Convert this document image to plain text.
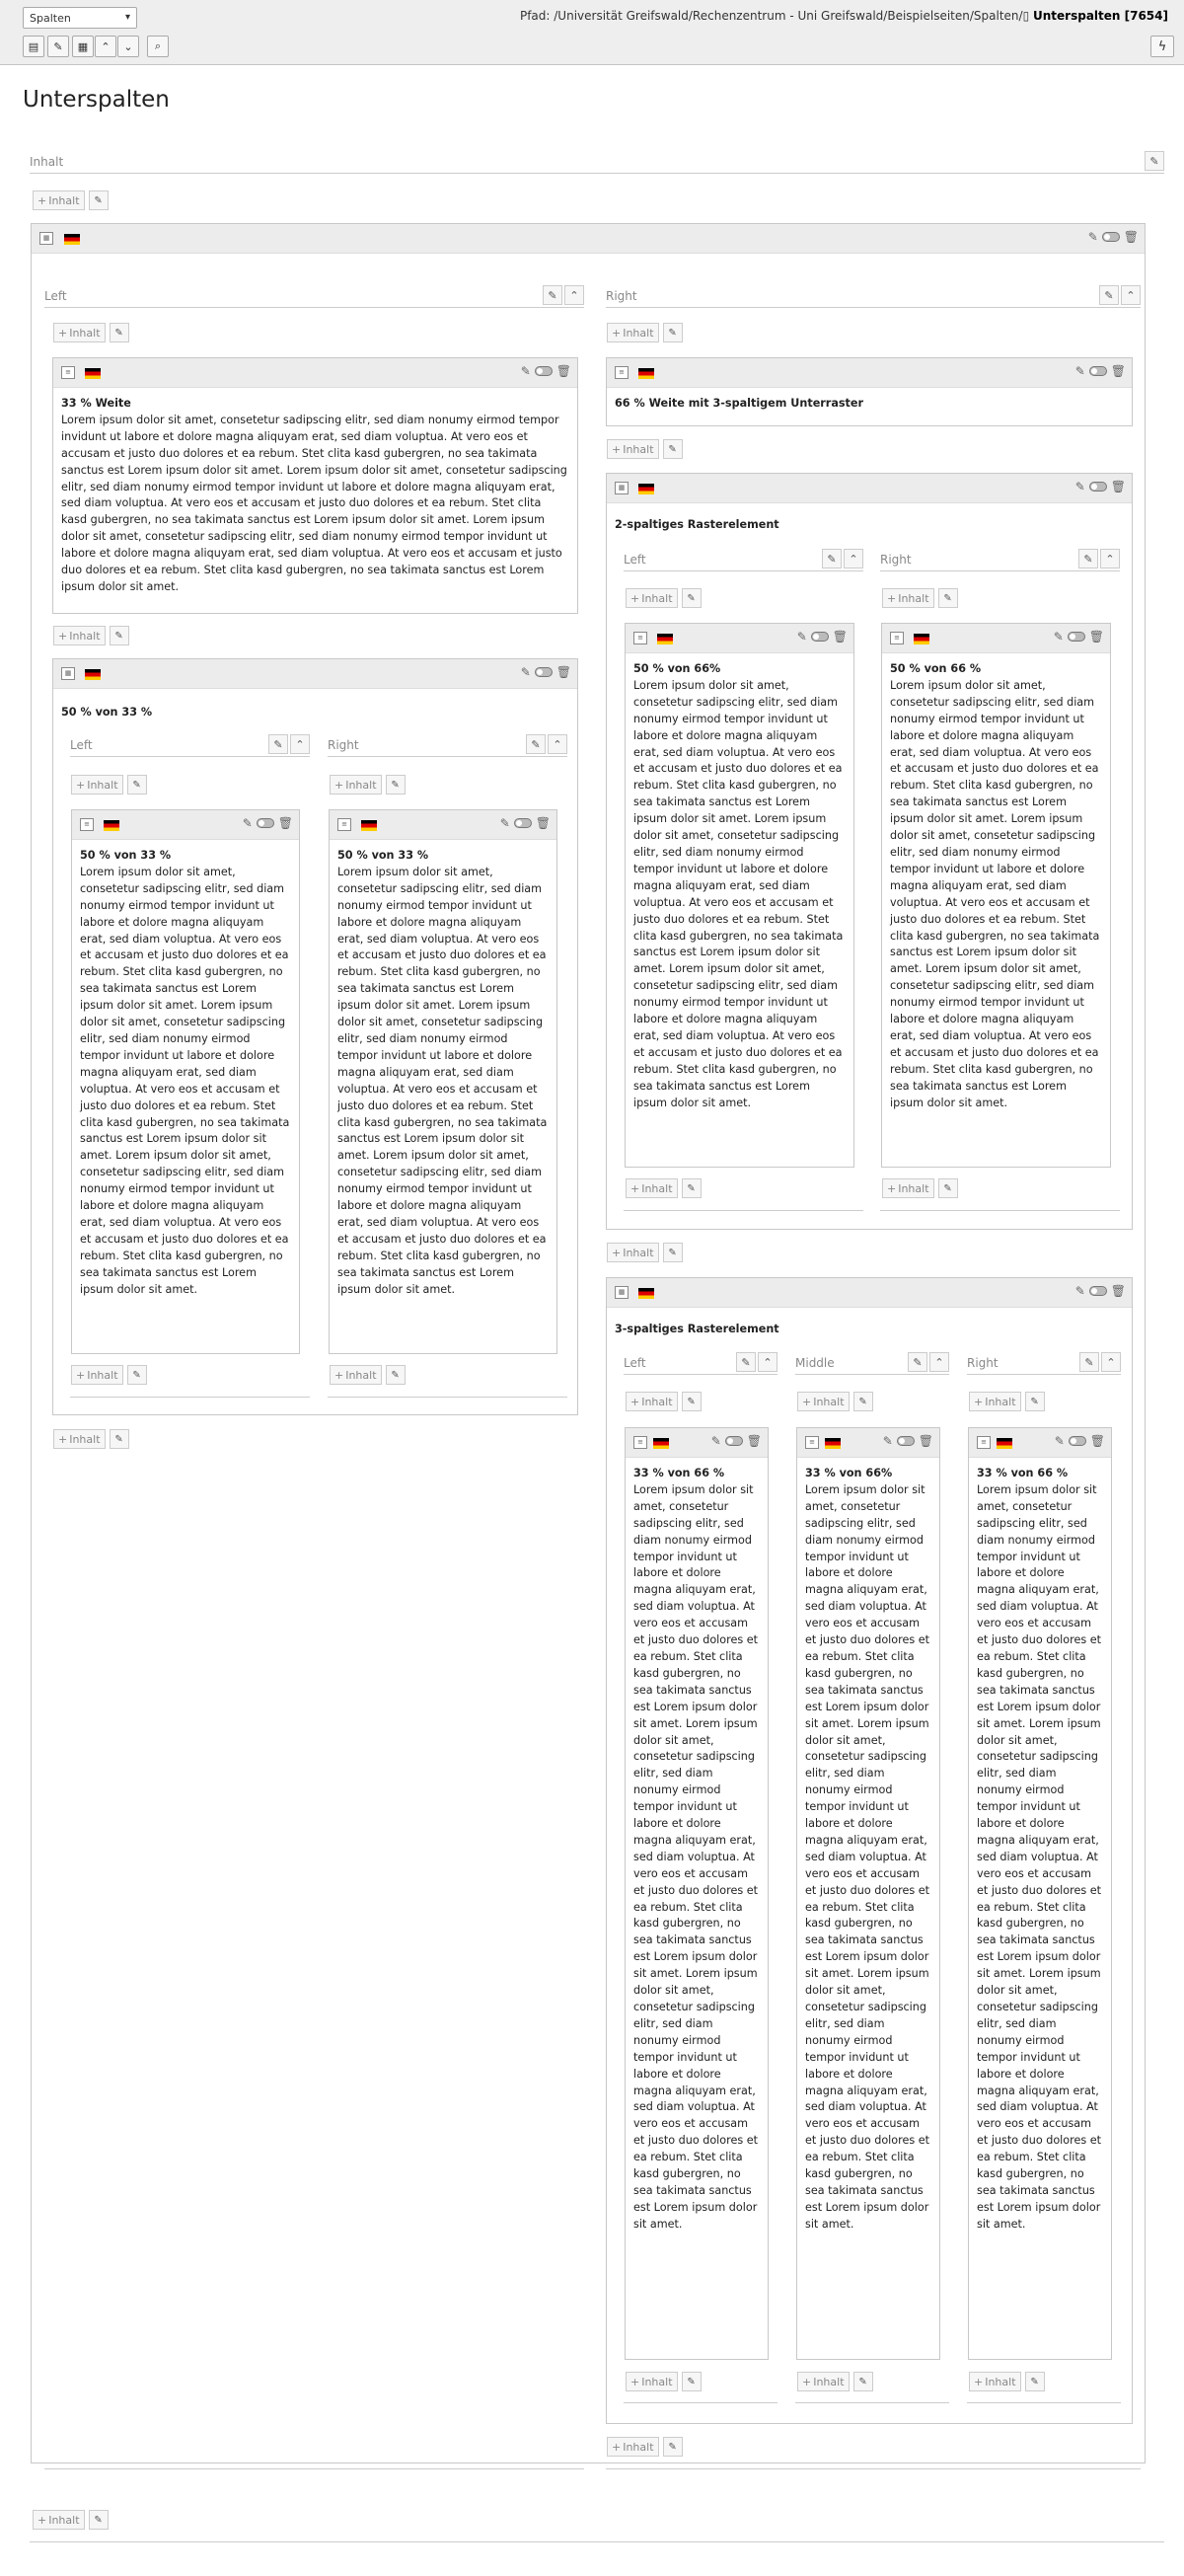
Spalten	▾
▤	✎	▦	⌃	⌄	⌕
Pfad: /Universität Greifswald/Rechenzentrum - Uni Greifswald/Beispielseiten/Spalten/▯ Unterspalten [7654]
ϟ
Unterspalten
Inhalt	✎
+ Inhalt	✎
▦	✎ 🗑
Left	✎	⌃
+ Inhalt	✎
≡	✎ 🗑
33 % Weite
Lorem ipsum dolor sit amet, consetetur sadipscing elitr, sed diam nonumy eirmod tempor invidunt ut labore et dolore magna aliquyam erat, sed diam voluptua. At vero eos et accusam et justo duo dolores et ea rebum. Stet clita kasd gubergren, no sea takimata sanctus est Lorem ipsum dolor sit amet. Lorem ipsum dolor sit amet, consetetur sadipscing elitr, sed diam nonumy eirmod tempor invidunt ut labore et dolore magna aliquyam erat, sed diam voluptua. At vero eos et accusam et justo duo dolores et ea rebum. Stet clita kasd gubergren, no sea takimata sanctus est Lorem ipsum dolor sit amet. Lorem ipsum dolor sit amet, consetetur sadipscing elitr, sed diam nonumy eirmod tempor invidunt ut labore et dolore magna aliquyam erat, sed diam voluptua. At vero eos et accusam et justo duo dolores et ea rebum. Stet clita kasd gubergren, no sea takimata sanctus est Lorem ipsum dolor sit amet.
+ Inhalt	✎
▦	✎ 🗑
50 % von 33 %
Left	✎	⌃	Right	✎	⌃
+ Inhalt	✎	+ Inhalt	✎
≡	✎ 🗑
50 % von 33 %
Lorem ipsum dolor sit amet, consetetur sadipscing elitr, sed diam nonumy eirmod tempor invidunt ut labore et dolore magna aliquyam erat, sed diam voluptua. At vero eos et accusam et justo duo dolores et ea rebum. Stet clita kasd gubergren, no sea takimata sanctus est Lorem ipsum dolor sit amet. Lorem ipsum dolor sit amet, consetetur sadipscing elitr, sed diam nonumy eirmod tempor invidunt ut labore et dolore magna aliquyam erat, sed diam voluptua. At vero eos et accusam et justo duo dolores et ea rebum. Stet clita kasd gubergren, no sea takimata sanctus est Lorem ipsum dolor sit amet. Lorem ipsum dolor sit amet, consetetur sadipscing elitr, sed diam nonumy eirmod tempor invidunt ut labore et dolore magna aliquyam erat, sed diam voluptua. At vero eos et accusam et justo duo dolores et ea rebum. Stet clita kasd gubergren, no sea takimata sanctus est Lorem ipsum dolor sit amet.
≡	✎ 🗑
50 % von 33 %
Lorem ipsum dolor sit amet, consetetur sadipscing elitr, sed diam nonumy eirmod tempor invidunt ut labore et dolore magna aliquyam erat, sed diam voluptua. At vero eos et accusam et justo duo dolores et ea rebum. Stet clita kasd gubergren, no sea takimata sanctus est Lorem ipsum dolor sit amet. Lorem ipsum dolor sit amet, consetetur sadipscing elitr, sed diam nonumy eirmod tempor invidunt ut labore et dolore magna aliquyam erat, sed diam voluptua. At vero eos et accusam et justo duo dolores et ea rebum. Stet clita kasd gubergren, no sea takimata sanctus est Lorem ipsum dolor sit amet. Lorem ipsum dolor sit amet, consetetur sadipscing elitr, sed diam nonumy eirmod tempor invidunt ut labore et dolore magna aliquyam erat, sed diam voluptua. At vero eos et accusam et justo duo dolores et ea rebum. Stet clita kasd gubergren, no sea takimata sanctus est Lorem ipsum dolor sit amet.
+ Inhalt	✎	+ Inhalt	✎
+ Inhalt	✎
Right	✎	⌃
+ Inhalt	✎
≡	✎ 🗑
66 % Weite mit 3-spaltigem Unterraster
+ Inhalt	✎
▦	✎ 🗑
2-spaltiges Rasterelement
Left	✎	⌃	Right	✎	⌃
+ Inhalt	✎	+ Inhalt	✎
≡	✎ 🗑
50 % von 66%
Lorem ipsum dolor sit amet, consetetur sadipscing elitr, sed diam nonumy eirmod tempor invidunt ut labore et dolore magna aliquyam erat, sed diam voluptua. At vero eos et accusam et justo duo dolores et ea rebum. Stet clita kasd gubergren, no sea takimata sanctus est Lorem ipsum dolor sit amet. Lorem ipsum dolor sit amet, consetetur sadipscing elitr, sed diam nonumy eirmod tempor invidunt ut labore et dolore magna aliquyam erat, sed diam voluptua. At vero eos et accusam et justo duo dolores et ea rebum. Stet clita kasd gubergren, no sea takimata sanctus est Lorem ipsum dolor sit amet. Lorem ipsum dolor sit amet, consetetur sadipscing elitr, sed diam nonumy eirmod tempor invidunt ut labore et dolore magna aliquyam erat, sed diam voluptua. At vero eos et accusam et justo duo dolores et ea rebum. Stet clita kasd gubergren, no sea takimata sanctus est Lorem ipsum dolor sit amet.
≡	✎ 🗑
50 % von 66 %
Lorem ipsum dolor sit amet, consetetur sadipscing elitr, sed diam nonumy eirmod tempor invidunt ut labore et dolore magna aliquyam erat, sed diam voluptua. At vero eos et accusam et justo duo dolores et ea rebum. Stet clita kasd gubergren, no sea takimata sanctus est Lorem ipsum dolor sit amet. Lorem ipsum dolor sit amet, consetetur sadipscing elitr, sed diam nonumy eirmod tempor invidunt ut labore et dolore magna aliquyam erat, sed diam voluptua. At vero eos et accusam et justo duo dolores et ea rebum. Stet clita kasd gubergren, no sea takimata sanctus est Lorem ipsum dolor sit amet. Lorem ipsum dolor sit amet, consetetur sadipscing elitr, sed diam nonumy eirmod tempor invidunt ut labore et dolore magna aliquyam erat, sed diam voluptua. At vero eos et accusam et justo duo dolores et ea rebum. Stet clita kasd gubergren, no sea takimata sanctus est Lorem ipsum dolor sit amet.
+ Inhalt	✎
+ Inhalt	✎
+ Inhalt	✎
▦	✎ 🗑
3-spaltiges Rasterelement
Left	✎	⌃	Middle	✎	⌃	Right	✎	⌃
+ Inhalt	✎	+ Inhalt	✎	+ Inhalt	✎
≡	✎ 🗑
33 % von 66 %
Lorem ipsum dolor sit amet, consetetur sadipscing elitr, sed diam nonumy eirmod tempor invidunt ut labore et dolore magna aliquyam erat, sed diam voluptua. At vero eos et accusam et justo duo dolores et ea rebum. Stet clita kasd gubergren, no sea takimata sanctus est Lorem ipsum dolor sit amet. Lorem ipsum dolor sit amet, consetetur sadipscing elitr, sed diam nonumy eirmod tempor invidunt ut labore et dolore magna aliquyam erat, sed diam voluptua. At vero eos et accusam et justo duo dolores et ea rebum. Stet clita kasd gubergren, no sea takimata sanctus est Lorem ipsum dolor sit amet. Lorem ipsum dolor sit amet, consetetur sadipscing elitr, sed diam nonumy eirmod tempor invidunt ut labore et dolore magna aliquyam erat, sed diam voluptua. At vero eos et accusam et justo duo dolores et ea rebum. Stet clita kasd gubergren, no sea takimata sanctus est Lorem ipsum dolor sit amet.
≡	✎ 🗑
33 % von 66%
Lorem ipsum dolor sit amet, consetetur sadipscing elitr, sed diam nonumy eirmod tempor invidunt ut labore et dolore magna aliquyam erat, sed diam voluptua. At vero eos et accusam et justo duo dolores et ea rebum. Stet clita kasd gubergren, no sea takimata sanctus est Lorem ipsum dolor sit amet. Lorem ipsum dolor sit amet, consetetur sadipscing elitr, sed diam nonumy eirmod tempor invidunt ut labore et dolore magna aliquyam erat, sed diam voluptua. At vero eos et accusam et justo duo dolores et ea rebum. Stet clita kasd gubergren, no sea takimata sanctus est Lorem ipsum dolor sit amet. Lorem ipsum dolor sit amet, consetetur sadipscing elitr, sed diam nonumy eirmod tempor invidunt ut labore et dolore magna aliquyam erat, sed diam voluptua. At vero eos et accusam et justo duo dolores et ea rebum. Stet clita kasd gubergren, no sea takimata sanctus est Lorem ipsum dolor sit amet.
≡	✎ 🗑
33 % von 66 %
Lorem ipsum dolor sit amet, consetetur sadipscing elitr, sed diam nonumy eirmod tempor invidunt ut labore et dolore magna aliquyam erat, sed diam voluptua. At vero eos et accusam et justo duo dolores et ea rebum. Stet clita kasd gubergren, no sea takimata sanctus est Lorem ipsum dolor sit amet. Lorem ipsum dolor sit amet, consetetur sadipscing elitr, sed diam nonumy eirmod tempor invidunt ut labore et dolore magna aliquyam erat, sed diam voluptua. At vero eos et accusam et justo duo dolores et ea rebum. Stet clita kasd gubergren, no sea takimata sanctus est Lorem ipsum dolor sit amet. Lorem ipsum dolor sit amet, consetetur sadipscing elitr, sed diam nonumy eirmod tempor invidunt ut labore et dolore magna aliquyam erat, sed diam voluptua. At vero eos et accusam et justo duo dolores et ea rebum. Stet clita kasd gubergren, no sea takimata sanctus est Lorem ipsum dolor sit amet.
+ Inhalt	✎	+ Inhalt	✎	+ Inhalt	✎
+ Inhalt	✎
+ Inhalt	✎
